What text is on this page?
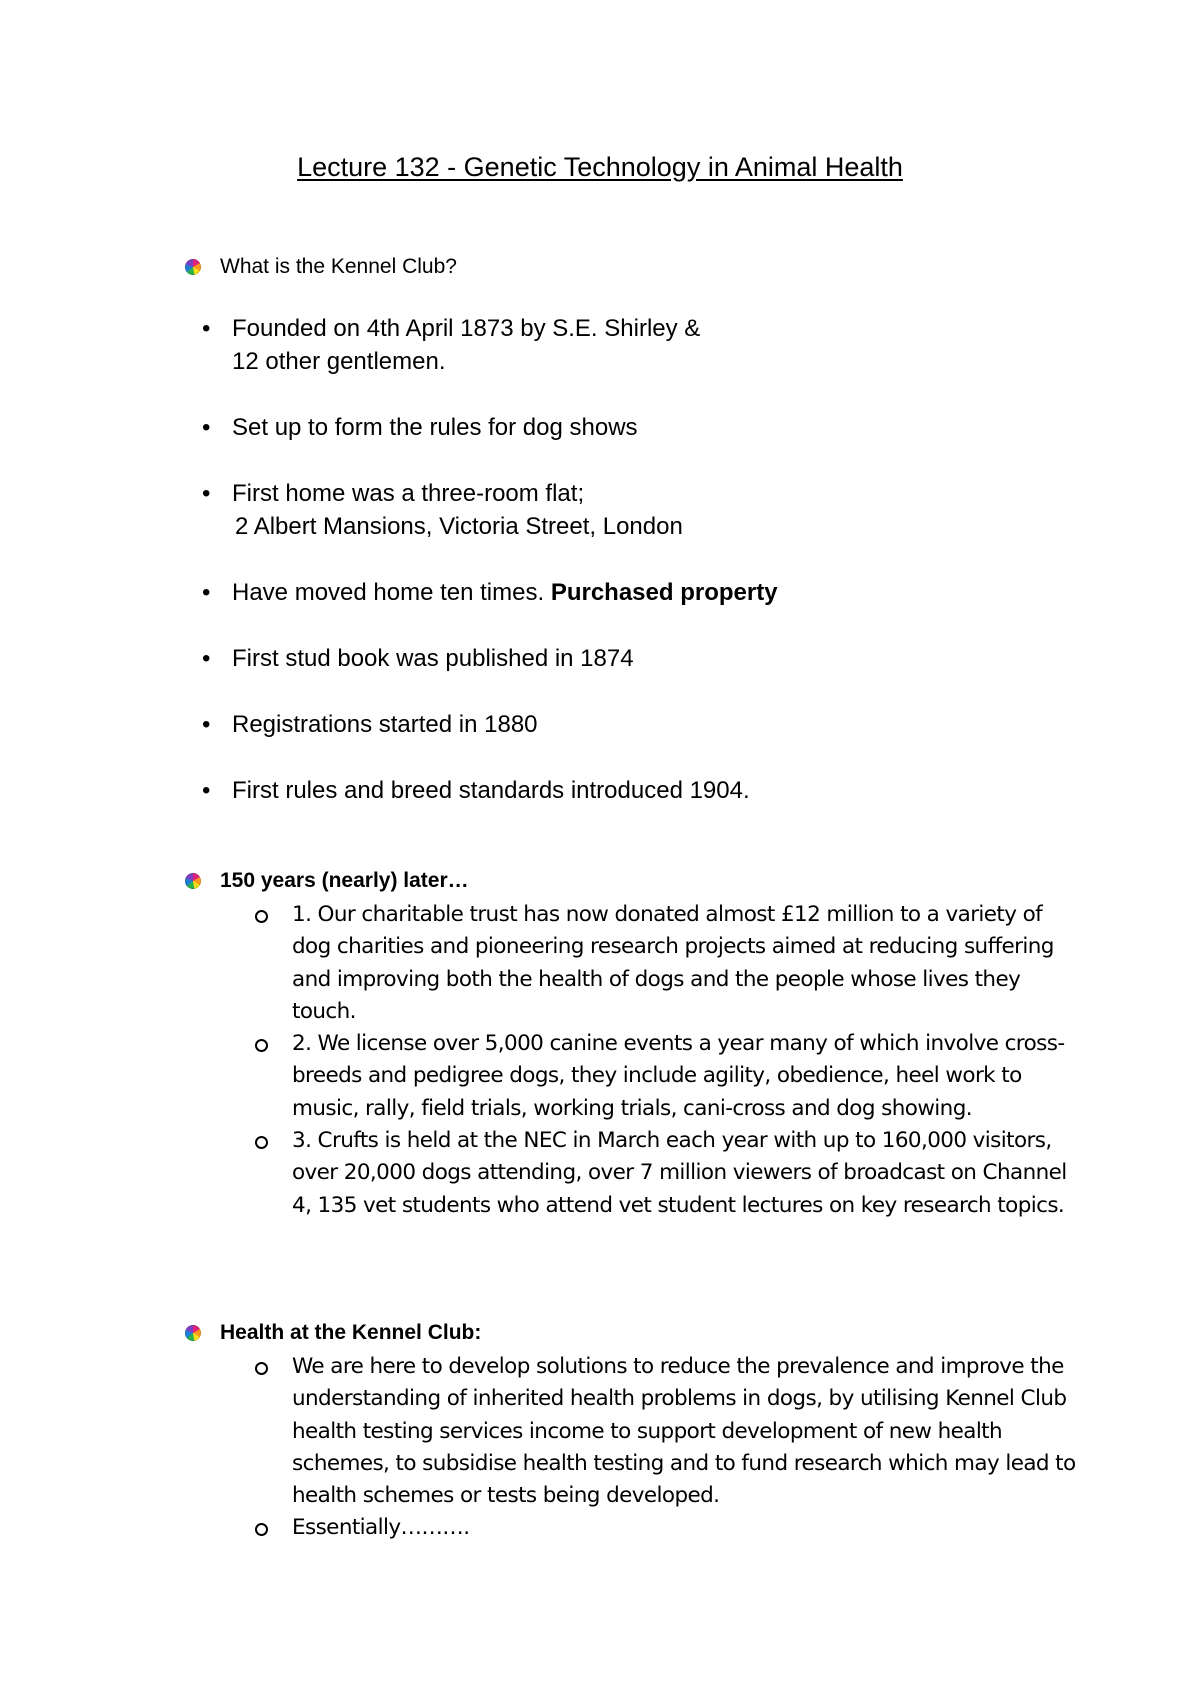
Lecture 132 - Genetic Technology in Animal Health
What is the Kennel Club?
• Founded on 4th April 1873 by S.E. Shirley &
12 other gentlemen.
• Set up to form the rules for dog shows
• First home was a three-room flat;
2 Albert Mansions, Victoria Street, London
• Have moved home ten times. Purchased property
• First stud book was published in 1874
• Registrations started in 1880
• First rules and breed standards introduced 1904.
150 years (nearly) later…
1. Our charitable trust has now donated almost £12 million to a variety of dog charities and pioneering research projects aimed at reducing suffering and improving both the health of dogs and the people whose lives they touch.
2. We license over 5,000 canine events a year many of which involve cross-breeds and pedigree dogs, they include agility, obedience, heel work to music, rally, field trials, working trials, cani-cross and dog showing.
3. Crufts is held at the NEC in March each year with up to 160,000 visitors, over 20,000 dogs attending, over 7 million viewers of broadcast on Channel 4, 135 vet students who attend vet student lectures on key research topics.
Health at the Kennel Club:
We are here to develop solutions to reduce the prevalence and improve the understanding of inherited health problems in dogs, by utilising Kennel Club health testing services income to support development of new health schemes, to subsidise health testing and to fund research which may lead to health schemes or tests being developed.
Essentially……….
